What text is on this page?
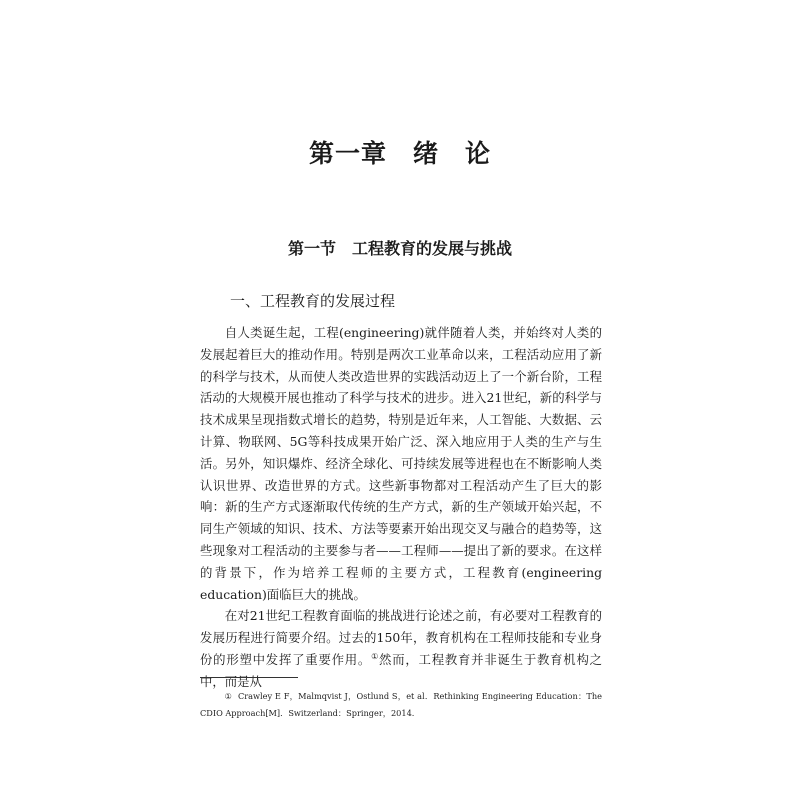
第一章　绪　论
第一节　工程教育的发展与挑战
一、工程教育的发展过程

自人类诞生起，工程(engineering)就伴随着人类，并始终对人类的发展起着巨大的推动作用。特别是两次工业革命以来，工程活动应用了新的科学与技术，从而使人类改造世界的实践活动迈上了一个新台阶，工程活动的大规模开展也推动了科学与技术的进步。进入21世纪，新的科学与技术成果呈现指数式增长的趋势，特别是近年来，人工智能、大数据、云计算、物联网、5G等科技成果开始广泛、深入地应用于人类的生产与生活。另外，知识爆炸、经济全球化、可持续发展等进程也在不断影响人类认识世界、改造世界的方式。这些新事物都对工程活动产生了巨大的影响：新的生产方式逐渐取代传统的生产方式，新的生产领域开始兴起，不同生产领域的知识、技术、方法等要素开始出现交叉与融合的趋势等，这些现象对工程活动的主要参与者——工程师——提出了新的要求。在这样的背景下，作为培养工程师的主要方式，工程教育(engineering education)面临巨大的挑战。

在对21世纪工程教育面临的挑战进行论述之前，有必要对工程教育的发展历程进行简要介绍。过去的150年，教育机构在工程师技能和专业身份的形塑中发挥了重要作用。①然而，工程教育并非诞生于教育机构之中，而是从

① Crawley E F，Malmqvist J，Ostlund S，et al．Rethinking Engineering Education：The CDIO Approach[M]．Switzerland：Springer，2014.
